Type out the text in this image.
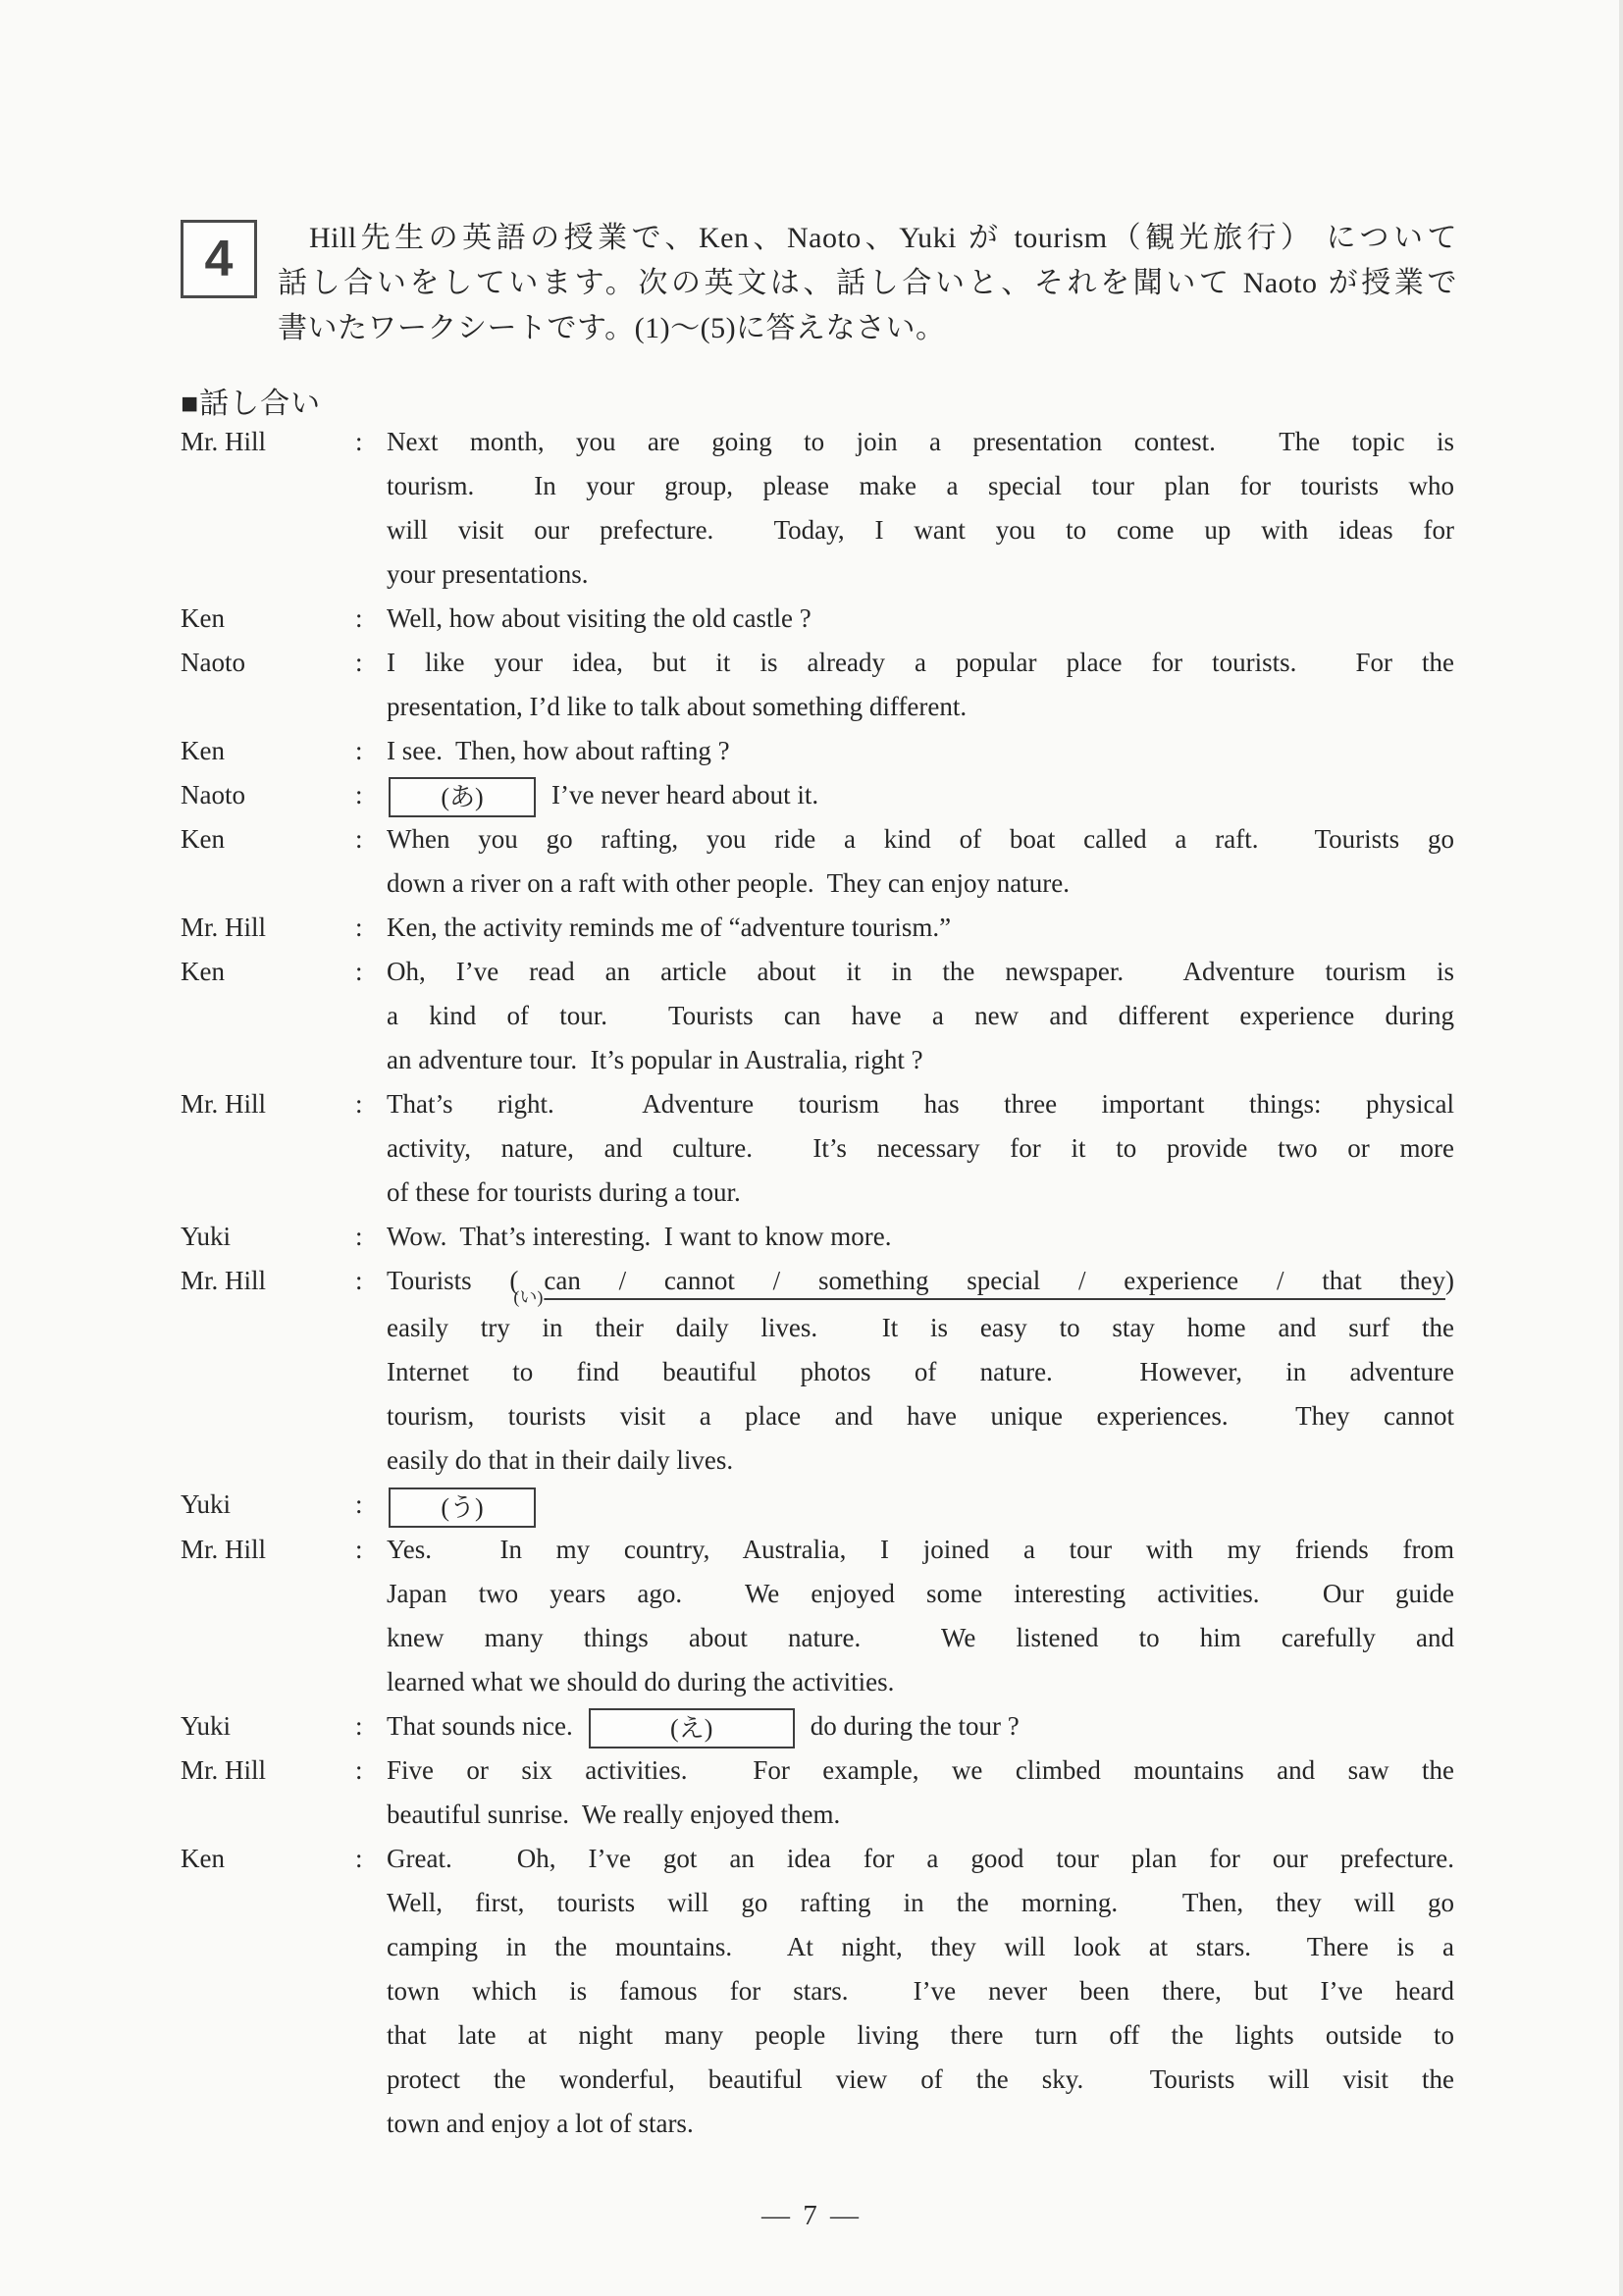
4	Hill先生の英語の授業で、Ken、Naoto、Yuki が tourism（観光旅行） について
話し合いをしています。次の英文は、話し合いと、それを聞いて Naoto が授業で
書いたワークシートです。(1)～(5)に答えなさい。
■話し合い
Mr. Hill	: Next month, you are going to join a presentation contest.  The topic is
tourism.  In your group, please make a special tour plan for tourists who
will visit our prefecture.  Today, I want you to come up with ideas for
your presentations.
Ken	: Well, how about visiting the old castle ?
Naoto	: I like your idea, but it is already a popular place for tourists.  For the
presentation, I’d like to talk about something different.
Ken	: I see.  Then, how about rafting ?
Naoto	:	(あ)	I’ve never heard about it.
Ken	: When you go rafting, you ride a kind of boat called a raft.  Tourists go
down a river on a raft with other people.  They can enjoy nature.
Mr. Hill	: Ken, the activity reminds me of “adventure tourism.”
Ken	: Oh, I’ve read an article about it in the newspaper.  Adventure tourism is
a kind of tour.  Tourists can have a new and different experience during
an adventure tour.  It’s popular in Australia, right ?
Mr. Hill	: That’s right.  Adventure tourism has three important things: physical
activity, nature, and culture.  It’s necessary for it to provide two or more
of these for tourists during a tour.
Yuki	: Wow.  That’s interesting.  I want to know more.
Mr. Hill	: Tourists ((い)can / cannot / something special / experience / that they)
easily try in their daily lives.  It is easy to stay home and surf the
Internet to find beautiful photos of nature.  However, in adventure
tourism, tourists visit a place and have unique experiences.  They cannot
easily do that in their daily lives.
Yuki	:	(う)
Mr. Hill	: Yes.  In my country, Australia, I joined a tour with my friends from
Japan two years ago.  We enjoyed some interesting activities.  Our guide
knew many things about nature.  We listened to him carefully and
learned what we should do during the activities.
Yuki	: That sounds nice.	(え)	do during the tour ?
Mr. Hill	: Five or six activities.  For example, we climbed mountains and saw the
beautiful sunrise.  We really enjoyed them.
Ken	: Great.  Oh, I’ve got an idea for a good tour plan for our prefecture.
Well, first, tourists will go rafting in the morning.  Then, they will go
camping in the mountains.  At night, they will look at stars.  There is a
town which is famous for stars.  I’ve never been there, but I’ve heard
that late at night many people living there turn off the lights outside to
protect the wonderful, beautiful view of the sky.  Tourists will visit the
town and enjoy a lot of stars.
— 7 —
